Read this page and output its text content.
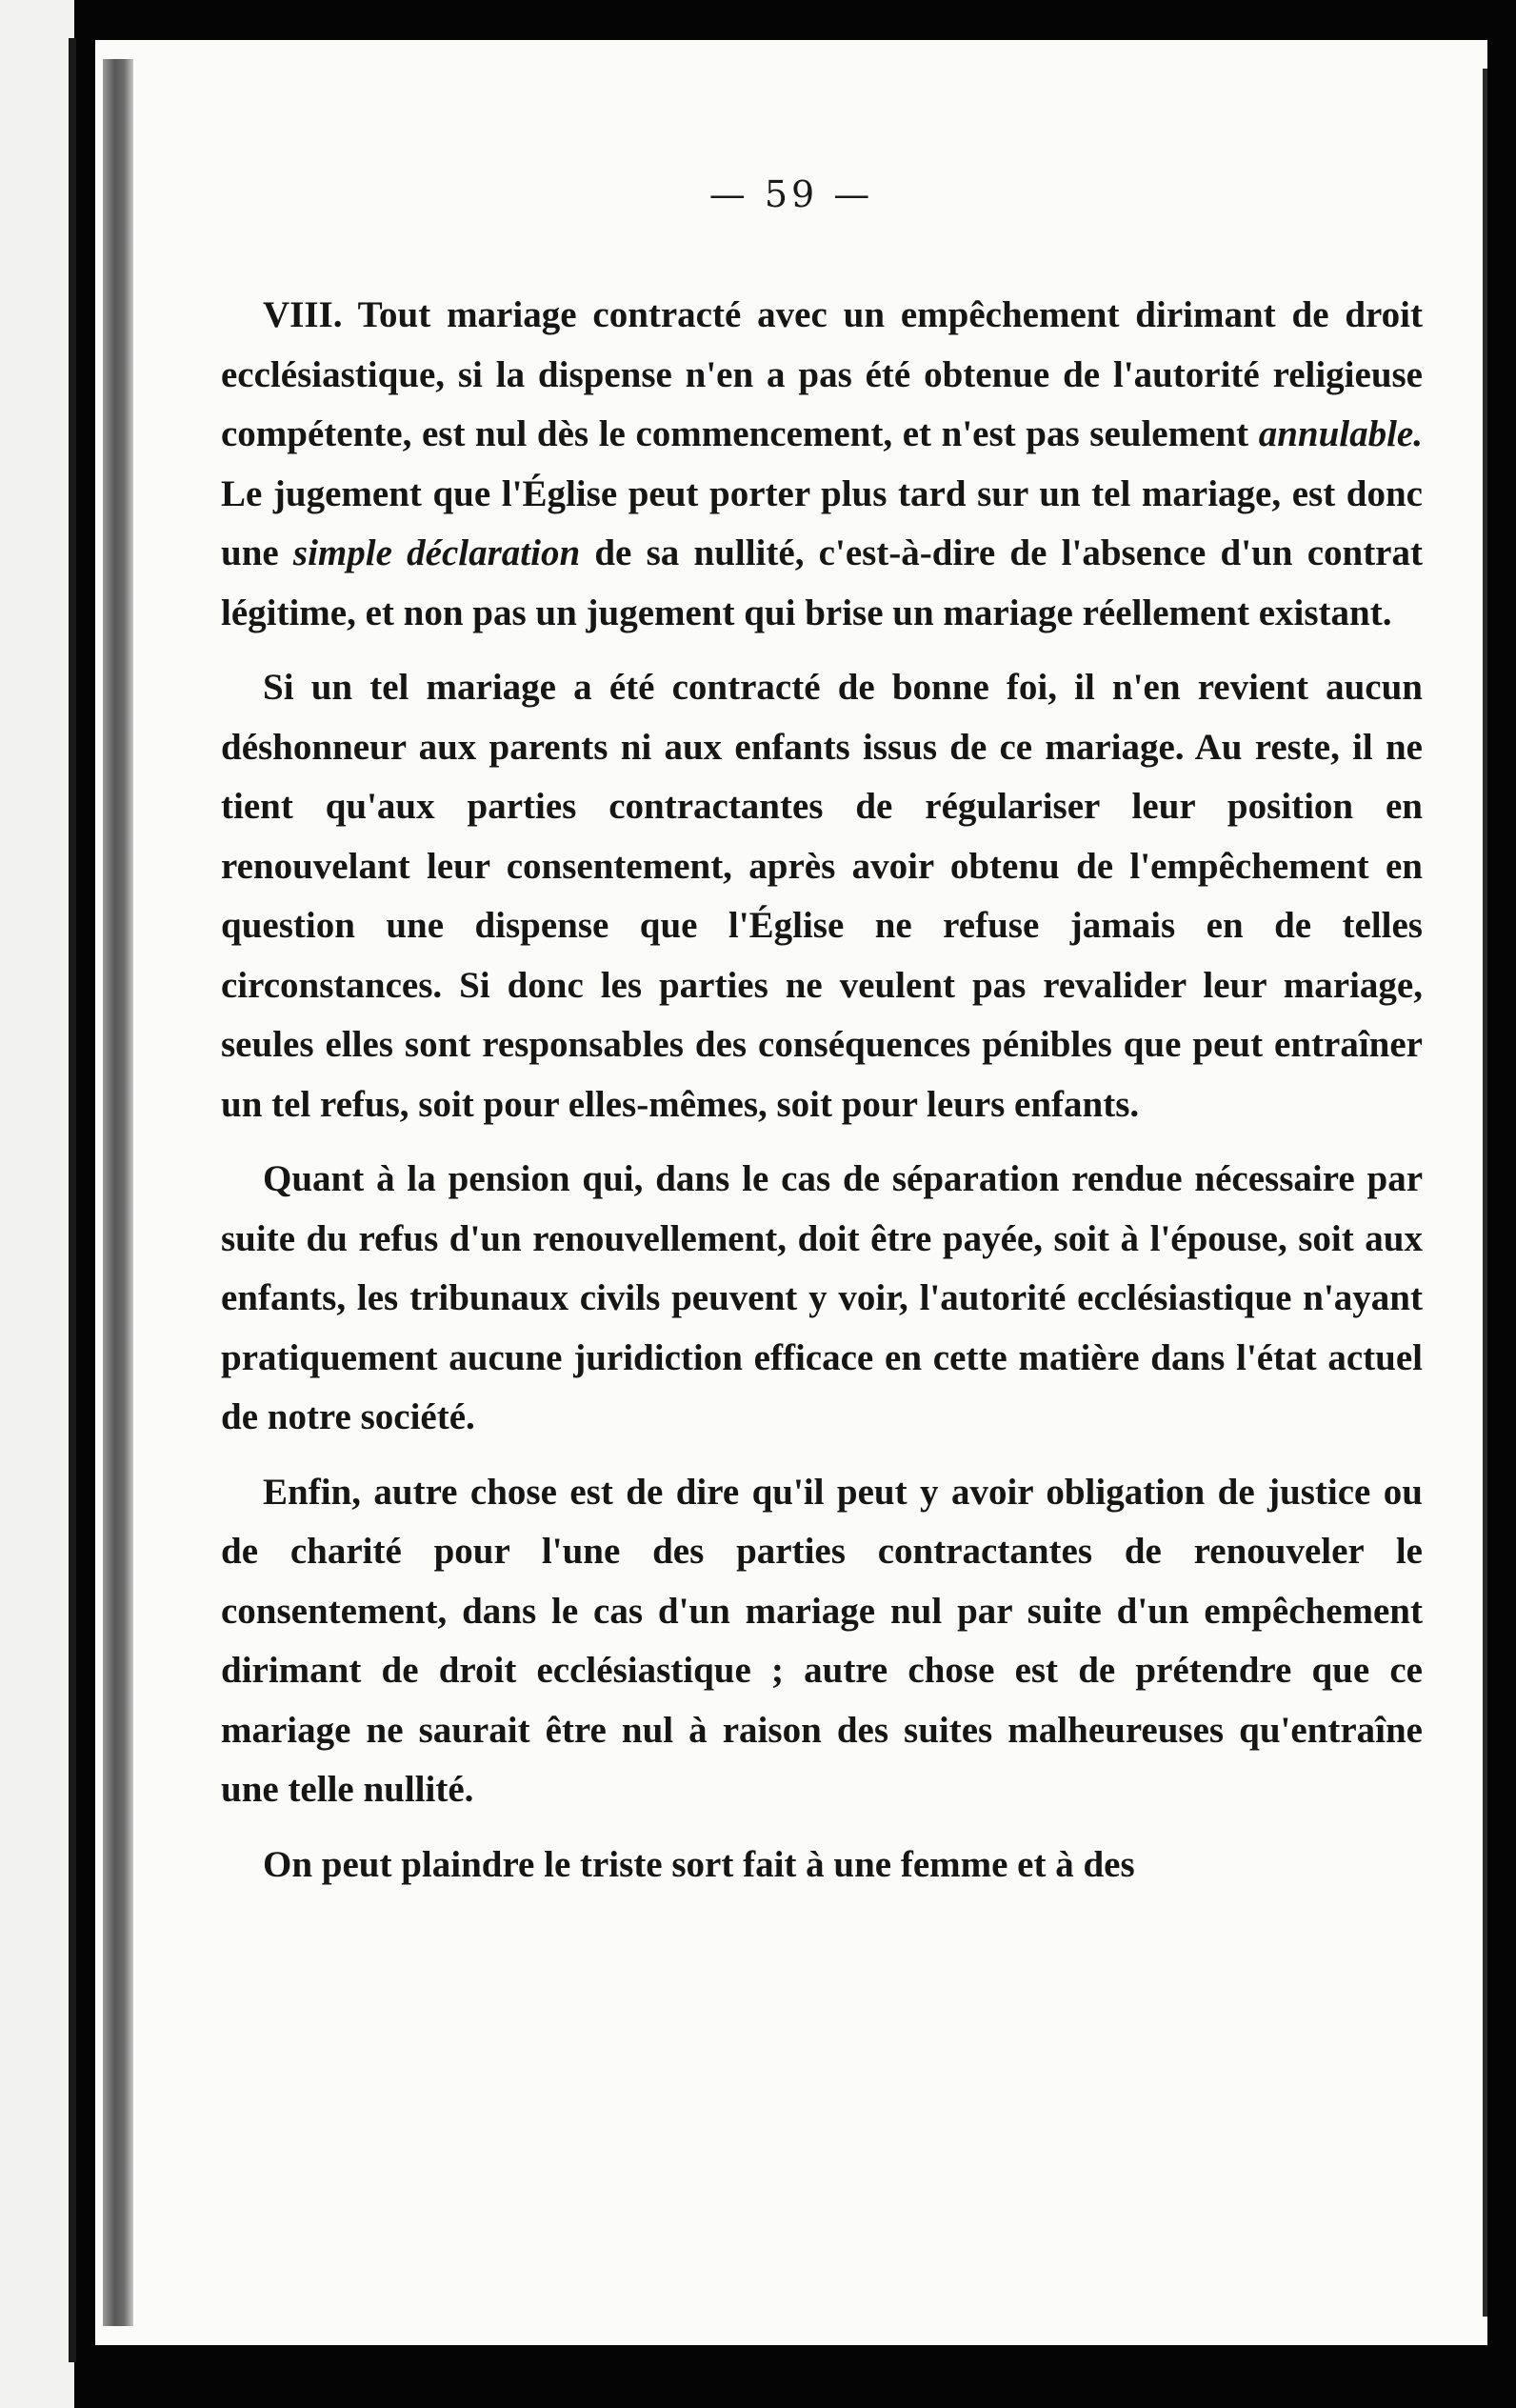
— 59 —

VIII. Tout mariage contracté avec un empêchement dirimant de droit ecclésiastique, si la dispense n'en a pas été obtenue de l'autorité religieuse compétente, est nul dès le commencement, et n'est pas seulement annulable. Le jugement que l'Église peut porter plus tard sur un tel mariage, est donc une simple déclaration de sa nullité, c'est-à-dire de l'absence d'un contrat légitime, et non pas un jugement qui brise un mariage réellement existant.

Si un tel mariage a été contracté de bonne foi, il n'en revient aucun déshonneur aux parents ni aux enfants issus de ce mariage. Au reste, il ne tient qu'aux parties contractantes de régulariser leur position en renouvelant leur consentement, après avoir obtenu de l'empêchement en question une dispense que l'Église ne refuse jamais en de telles circonstances. Si donc les parties ne veulent pas revalider leur mariage, seules elles sont responsables des conséquences pénibles que peut entraîner un tel refus, soit pour elles-mêmes, soit pour leurs enfants.

Quant à la pension qui, dans le cas de séparation rendue nécessaire par suite du refus d'un renouvellement, doit être payée, soit à l'épouse, soit aux enfants, les tribunaux civils peuvent y voir, l'autorité ecclésiastique n'ayant pratiquement aucune juridiction efficace en cette matière dans l'état actuel de notre société.

Enfin, autre chose est de dire qu'il peut y avoir obligation de justice ou de charité pour l'une des parties contractantes de renouveler le consentement, dans le cas d'un mariage nul par suite d'un empêchement dirimant de droit ecclésiastique ; autre chose est de prétendre que ce mariage ne saurait être nul à raison des suites malheureuses qu'entraîne une telle nullité.

On peut plaindre le triste sort fait à une femme et à des
